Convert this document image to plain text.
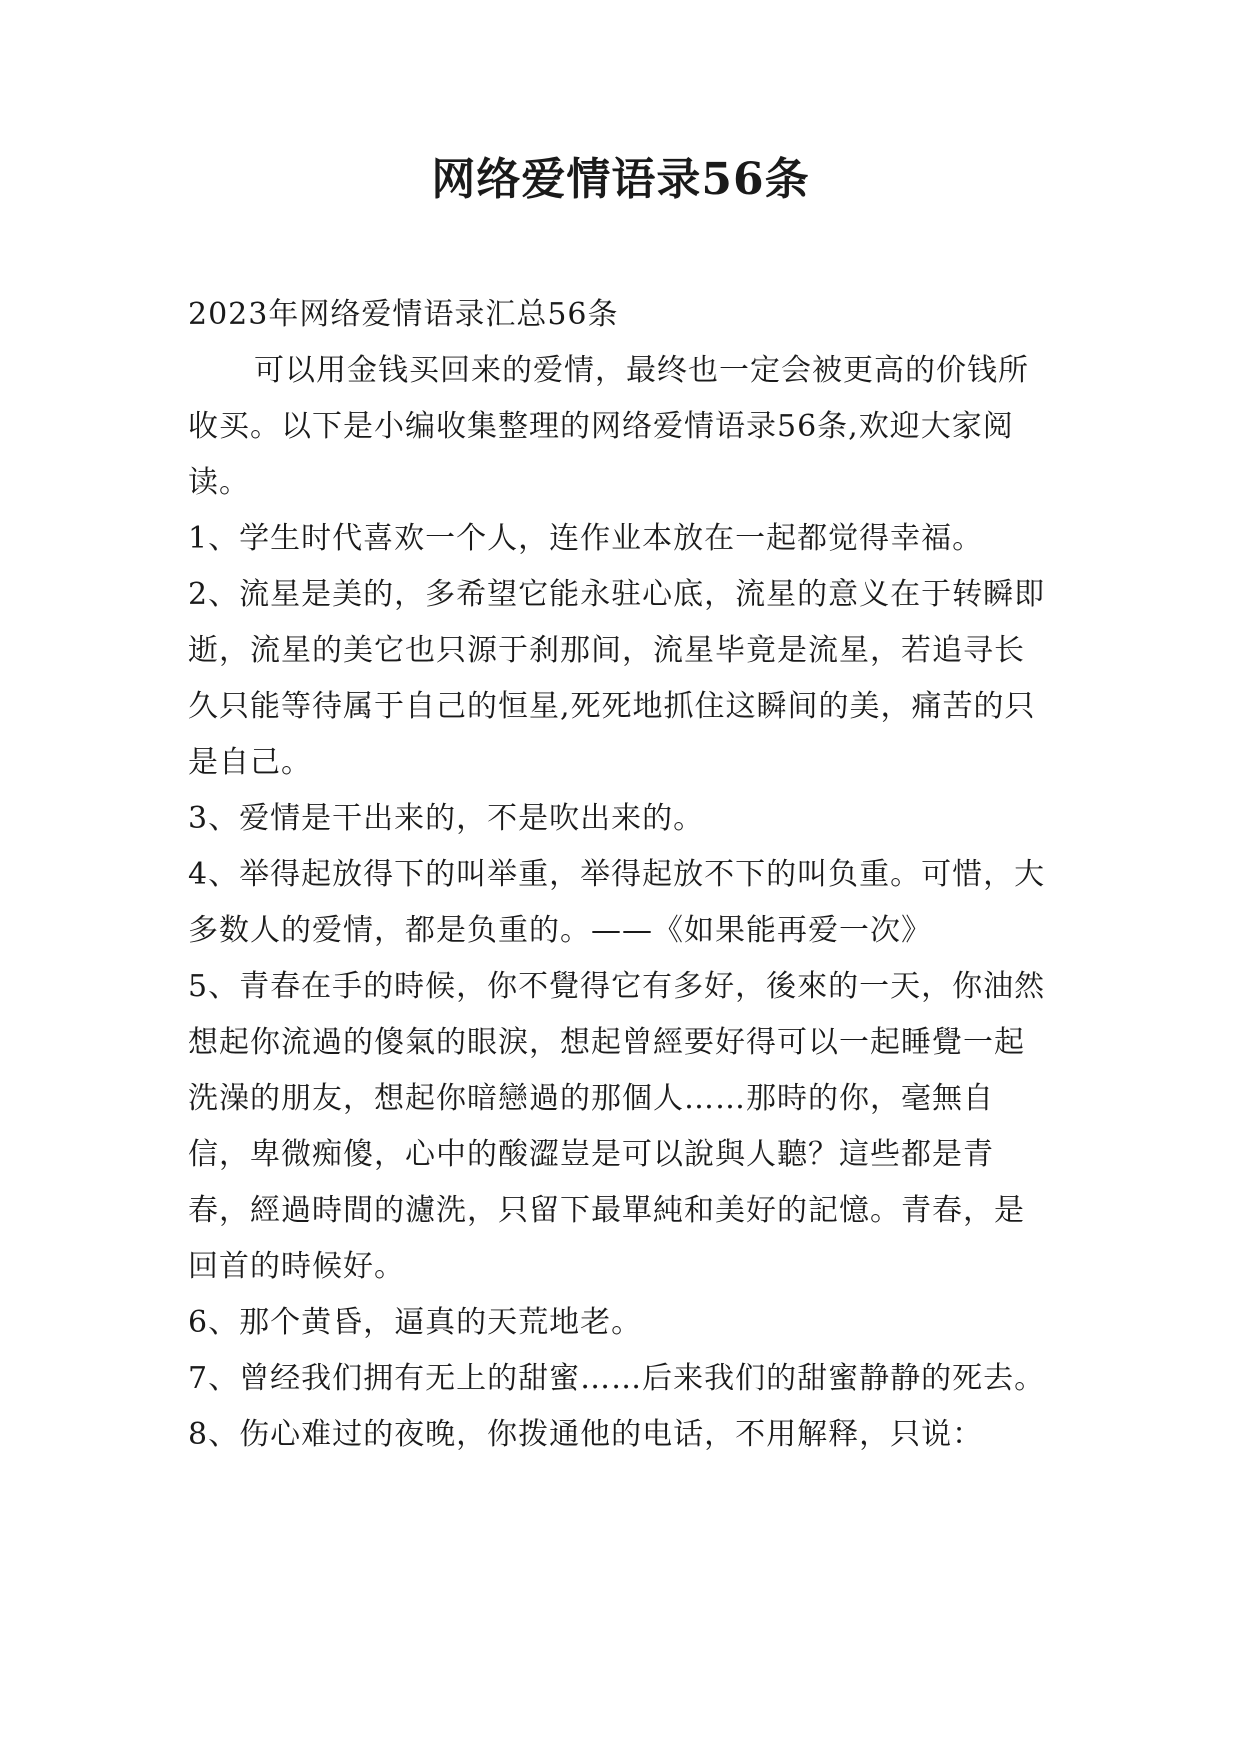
网络爱情语录56条

2023年网络爱情语录汇总56条

可以用金钱买回来的爱情，最终也一定会被更高的价钱所收买。以下是小编收集整理的网络爱情语录56条,欢迎大家阅读。

1、学生时代喜欢一个人，连作业本放在一起都觉得幸福。

2、流星是美的，多希望它能永驻心底，流星的意义在于转瞬即逝，流星的美它也只源于刹那间，流星毕竟是流星，若追寻长久只能等待属于自己的恒星,死死地抓住这瞬间的美，痛苦的只是自己。

3、爱情是干出来的，不是吹出来的。

4、举得起放得下的叫举重，举得起放不下的叫负重。可惜，大多数人的爱情，都是负重的。——《如果能再爱一次》

5、青春在手的時候，你不覺得它有多好，後來的一天，你油然想起你流過的傻氣的眼淚，想起曾經要好得可以一起睡覺一起洗澡的朋友，想起你暗戀過的那個人……那時的你，毫無自信，卑微痴傻，心中的酸澀豈是可以說與人聽？這些都是青春，經過時間的濾洗，只留下最單純和美好的記憶。青春，是回首的時候好。

6、那个黄昏，逼真的天荒地老。

7、曾经我们拥有无上的甜蜜……后来我们的甜蜜静静的死去。

8、伤心难过的夜晚，你拨通他的电话，不用解释，只说：
